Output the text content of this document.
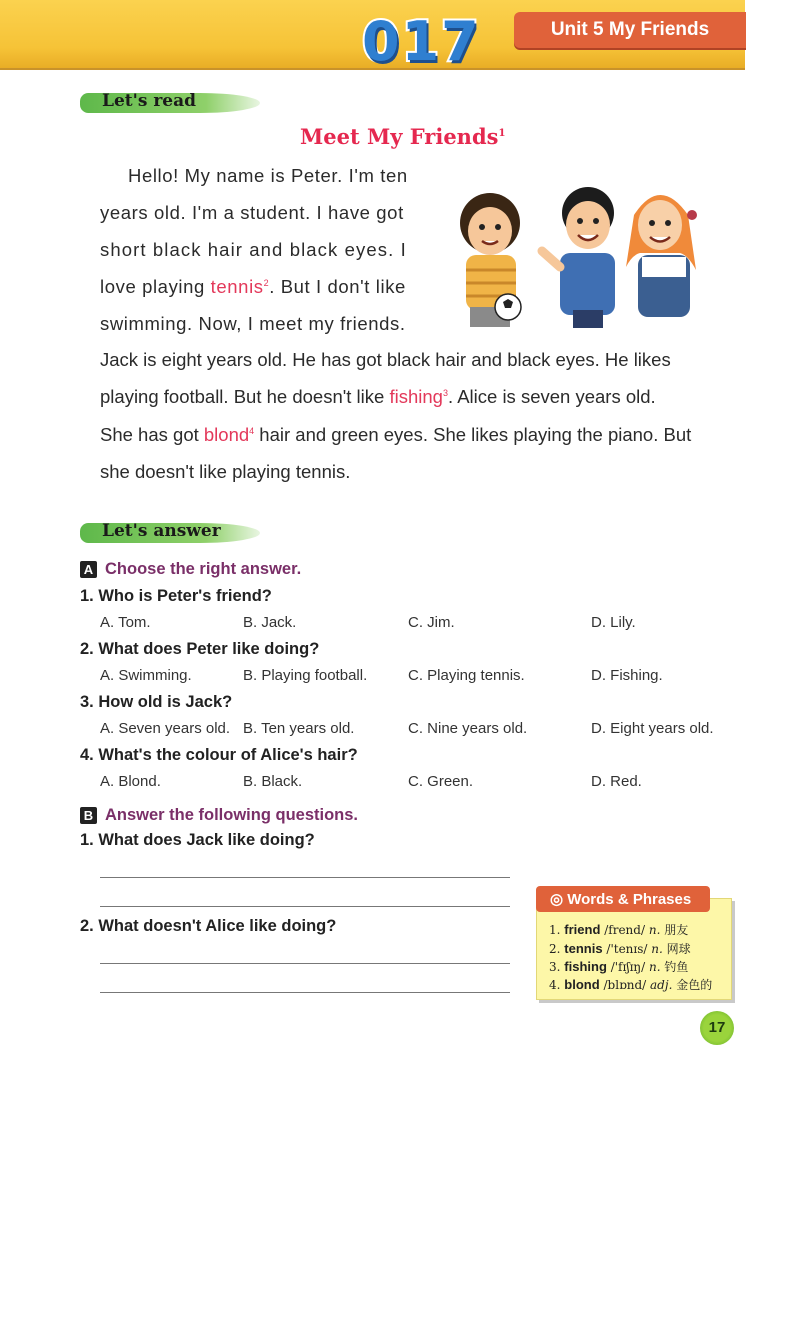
017	Unit 5 My Friends
Let's read
Meet My Friends$^1$
Hello! My name is Peter. I'm ten
years old. I'm a student. I have got
short black hair and black eyes. I
love playing tennis$^2$. But I don't like
swimming. Now, I meet my friends.
Jack is eight years old. He has got black hair and black eyes. He likes
playing football. But he doesn't like fishing$^3$. Alice is seven years old.
She has got blond$^4$ hair and green eyes. She likes playing the piano. But
she doesn't like playing tennis.
Let's answer
A Choose the right answer.
1. Who is Peter's friend?
A. Tom.	B. Jack.	C. Jim.	D. Lily.
2. What does Peter like doing?
A. Swimming.	B. Playing football.	C. Playing tennis.	D. Fishing.
3. How old is Jack?
A. Seven years old. B. Ten years old.	C. Nine years old.	D. Eight years old.
4. What's the colour of Alice's hair?
A. Blond.	B. Black.	C. Green.	D. Red.
B Answer the following questions.
1. What does Jack like doing?
2. What doesn't Alice like doing?
◎ Words & Phrases
1. friend /frend/ n. 朋友
2. tennis /'tenɪs/ n. 网球
3. fishing /'fɪʃɪŋ/ n. 钓鱼
4. blond /blɒnd/ adj. 金色的
17
